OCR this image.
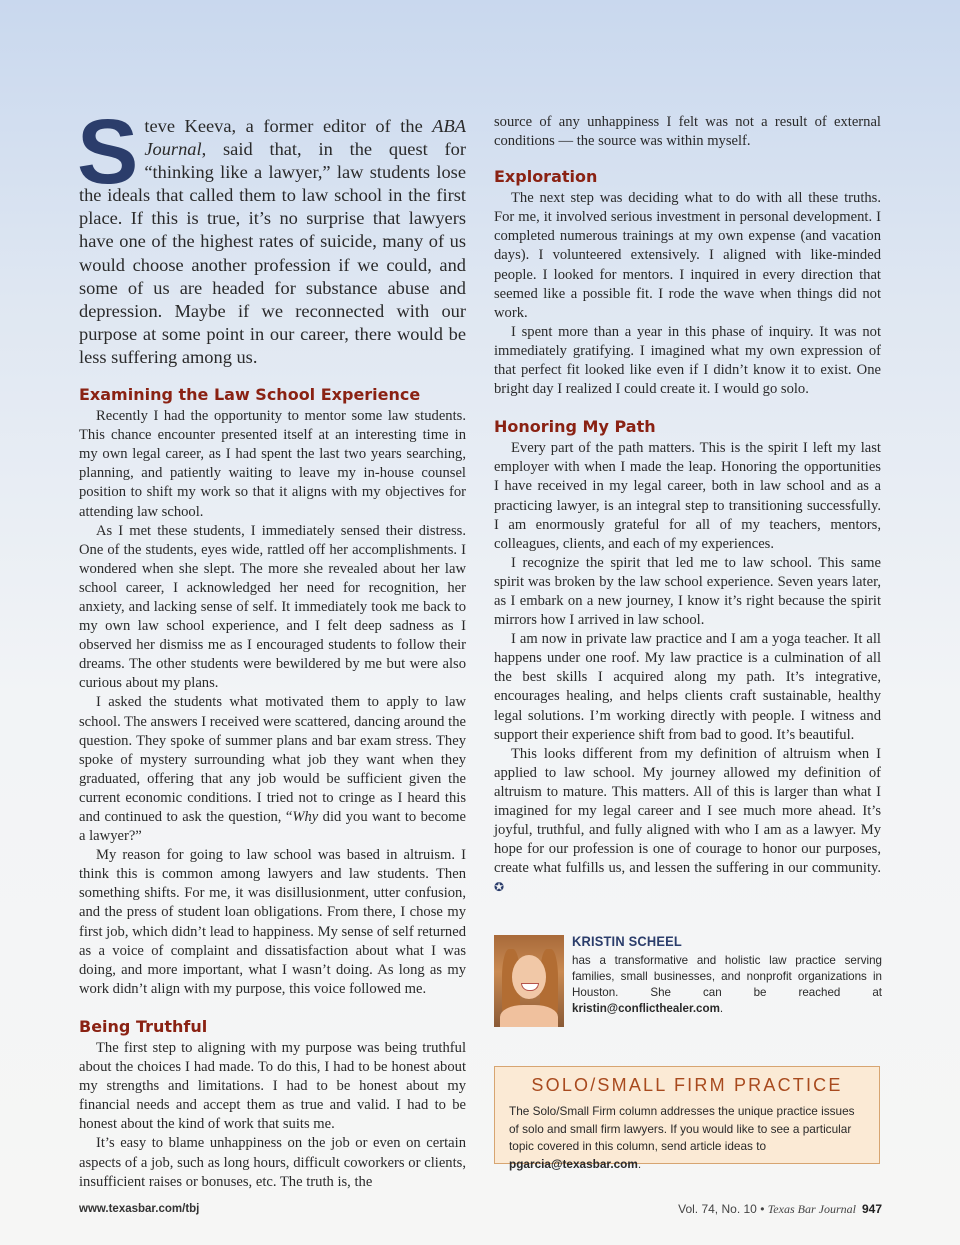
Steve Keeva, a former editor of the ABA Journal, said that, in the quest for “thinking like a lawyer,” law students lose the ideals that called them to law school in the first place. If this is true, it’s no surprise that lawyers have one of the highest rates of suicide, many of us would choose another profession if we could, and some of us are headed for substance abuse and depression. Maybe if we reconnected with our purpose at some point in our career, there would be less suffering among us.

Examining the Law School Experience

Recently I had the opportunity to mentor some law students. This chance encounter presented itself at an interesting time in my own legal career, as I had spent the last two years searching, planning, and patiently waiting to leave my in-house counsel position to shift my work so that it aligns with my objectives for attending law school.

As I met these students, I immediately sensed their distress. One of the students, eyes wide, rattled off her accomplishments. I wondered when she slept. The more she revealed about her law school career, I acknowledged her need for recognition, her anxiety, and lacking sense of self. It immediately took me back to my own law school experience, and I felt deep sadness as I observed her dismiss me as I encouraged students to follow their dreams. The other students were bewildered by me but were also curious about my plans.

I asked the students what motivated them to apply to law school. The answers I received were scattered, dancing around the question. They spoke of summer plans and bar exam stress. They spoke of mystery surrounding what job they want when they graduated, offering that any job would be sufficient given the current economic conditions. I tried not to cringe as I heard this and continued to ask the question, “Why did you want to become a lawyer?”

My reason for going to law school was based in altruism. I think this is common among lawyers and law students. Then something shifts. For me, it was disillusionment, utter confusion, and the press of student loan obligations. From there, I chose my first job, which didn’t lead to happiness. My sense of self returned as a voice of complaint and dissatisfaction about what I was doing, and more important, what I wasn’t doing. As long as my work didn’t align with my purpose, this voice followed me.

Being Truthful

The first step to aligning with my purpose was being truthful about the choices I had made. To do this, I had to be honest about my strengths and limitations. I had to be honest about my financial needs and accept them as true and valid. I had to be honest about the kind of work that suits me.

It’s easy to blame unhappiness on the job or even on certain aspects of a job, such as long hours, difficult coworkers or clients, insufficient raises or bonuses, etc. The truth is, the

source of any unhappiness I felt was not a result of external conditions — the source was within myself.

Exploration

The next step was deciding what to do with all these truths. For me, it involved serious investment in personal development. I completed numerous trainings at my own expense (and vacation days). I volunteered extensively. I aligned with like-minded people. I looked for mentors. I inquired in every direction that seemed like a possible fit. I rode the wave when things did not work.

I spent more than a year in this phase of inquiry. It was not immediately gratifying. I imagined what my own expression of that perfect fit looked like even if I didn’t know it to exist. One bright day I realized I could create it. I would go solo.

Honoring My Path

Every part of the path matters. This is the spirit I left my last employer with when I made the leap. Honoring the opportunities I have received in my legal career, both in law school and as a practicing lawyer, is an integral step to transitioning successfully. I am enormously grateful for all of my teachers, mentors, colleagues, clients, and each of my experiences.

I recognize the spirit that led me to law school. This same spirit was broken by the law school experience. Seven years later, as I embark on a new journey, I know it’s right because the spirit mirrors how I arrived in law school.

I am now in private law practice and I am a yoga teacher. It all happens under one roof. My law practice is a culmination of all the best skills I acquired along my path. It’s integrative, encourages healing, and helps clients craft sustainable, healthy legal solutions. I’m working directly with people. I witness and support their experience shift from bad to good. It’s beautiful.

This looks different from my definition of altruism when I applied to law school. My journey allowed my definition of altruism to mature. This matters. All of this is larger than what I imagined for my legal career and I see much more ahead. It’s joyful, truthful, and fully aligned with who I am as a lawyer. My hope for our profession is one of courage to honor our purposes, create what fulfills us, and lessen the suffering in our community. ✪

KRISTIN SCHEEL
has a transformative and holistic law practice serving families, small businesses, and nonprofit organizations in Houston. She can be reached at kristin@conflicthealer.com.
SOLO/SMALL FIRM PRACTICE
The Solo/Small Firm column addresses the unique practice issues of solo and small firm lawyers. If you would like to see a particular topic covered in this column, send article ideas to pgarcia@texasbar.com.
www.texasbar.com/tbj	Vol. 74, No. 10 • Texas Bar Journal 947
